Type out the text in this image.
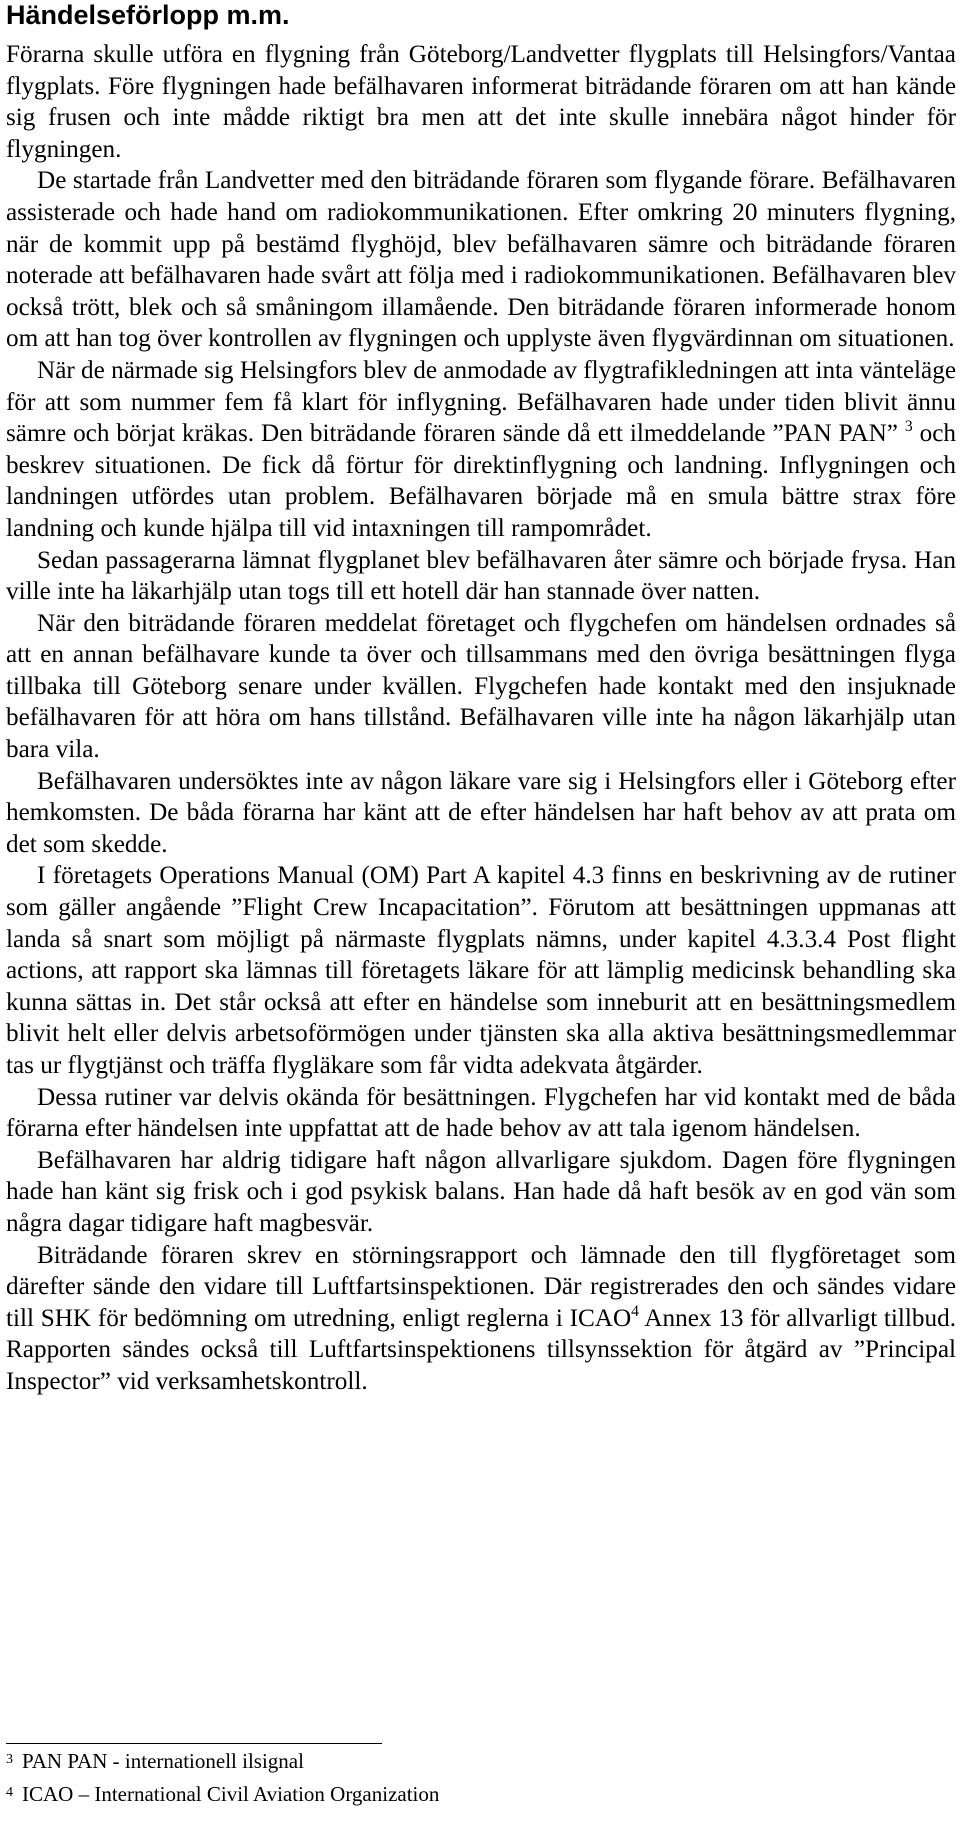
Händelseförlopp m.m.

Förarna skulle utföra en flygning från Göteborg/Landvetter flygplats till Helsingfors/Vantaa flygplats. Före flygningen hade befälhavaren informerat biträdande föraren om att han kände sig frusen och inte mådde riktigt bra men att det inte skulle innebära något hinder för flygningen.

De startade från Landvetter med den biträdande föraren som flygande förare. Befälhavaren assisterade och hade hand om radiokommunikationen. Efter omkring 20 minuters flygning, när de kommit upp på bestämd flyghöjd, blev befälhavaren sämre och biträdande föraren noterade att befälhavaren hade svårt att följa med i radiokommunikationen. Befälhavaren blev också trött, blek och så småningom illamående. Den biträdande föraren informerade honom om att han tog över kontrollen av flygningen och upplyste även flygvärdinnan om situationen.

När de närmade sig Helsingfors blev de anmodade av flygtrafikledningen att inta vänteläge för att som nummer fem få klart för inflygning. Befälhavaren hade under tiden blivit ännu sämre och börjat kräkas. Den biträdande föraren sände då ett ilmeddelande ”PAN PAN” $^3$ och beskrev situationen. De fick då förtur för direktinflygning och landning. Inflygningen och landningen utfördes utan problem. Befälhavaren började må en smula bättre strax före landning och kunde hjälpa till vid intaxningen till rampområdet.

Sedan passagerarna lämnat flygplanet blev befälhavaren åter sämre och började frysa. Han ville inte ha läkarhjälp utan togs till ett hotell där han stannade över natten.

När den biträdande föraren meddelat företaget och flygchefen om händelsen ordnades så att en annan befälhavare kunde ta över och tillsammans med den övriga besättningen flyga tillbaka till Göteborg senare under kvällen. Flygchefen hade kontakt med den insjuknade befälhavaren för att höra om hans tillstånd. Befälhavaren ville inte ha någon läkarhjälp utan bara vila.

Befälhavaren undersöktes inte av någon läkare vare sig i Helsingfors eller i Göteborg efter hemkomsten. De båda förarna har känt att de efter händelsen har haft behov av att prata om det som skedde.

I företagets Operations Manual (OM) Part A kapitel 4.3 finns en beskrivning av de rutiner som gäller angående ”Flight Crew Incapacitation”. Förutom att besättningen uppmanas att landa så snart som möjligt på närmaste flygplats nämns, under kapitel 4.3.3.4 Post flight actions, att rapport ska lämnas till företagets läkare för att lämplig medicinsk behandling ska kunna sättas in. Det står också att efter en händelse som inneburit att en besättningsmedlem blivit helt eller delvis arbetsoförmögen under tjänsten ska alla aktiva besättningsmedlemmar tas ur flygtjänst och träffa flygläkare som får vidta adekvata åtgärder.

Dessa rutiner var delvis okända för besättningen. Flygchefen har vid kontakt med de båda förarna efter händelsen inte uppfattat att de hade behov av att tala igenom händelsen.

Befälhavaren har aldrig tidigare haft någon allvarligare sjukdom. Dagen före flygningen hade han känt sig frisk och i god psykisk balans. Han hade då haft besök av en god vän som några dagar tidigare haft magbesvär.

Biträdande föraren skrev en störningsrapport och lämnade den till flygföretaget som därefter sände den vidare till Luftfartsinspektionen. Där registrerades den och sändes vidare till SHK för bedömning om utredning, enligt reglerna i ICAO$^4$ Annex 13 för allvarligt tillbud. Rapporten sändes också till Luftfartsinspektionens tillsynssektion för åtgärd av ”Principal Inspector” vid verksamhetskontroll.

3 PAN PAN - internationell ilsignal
4 ICAO – International Civil Aviation Organization
